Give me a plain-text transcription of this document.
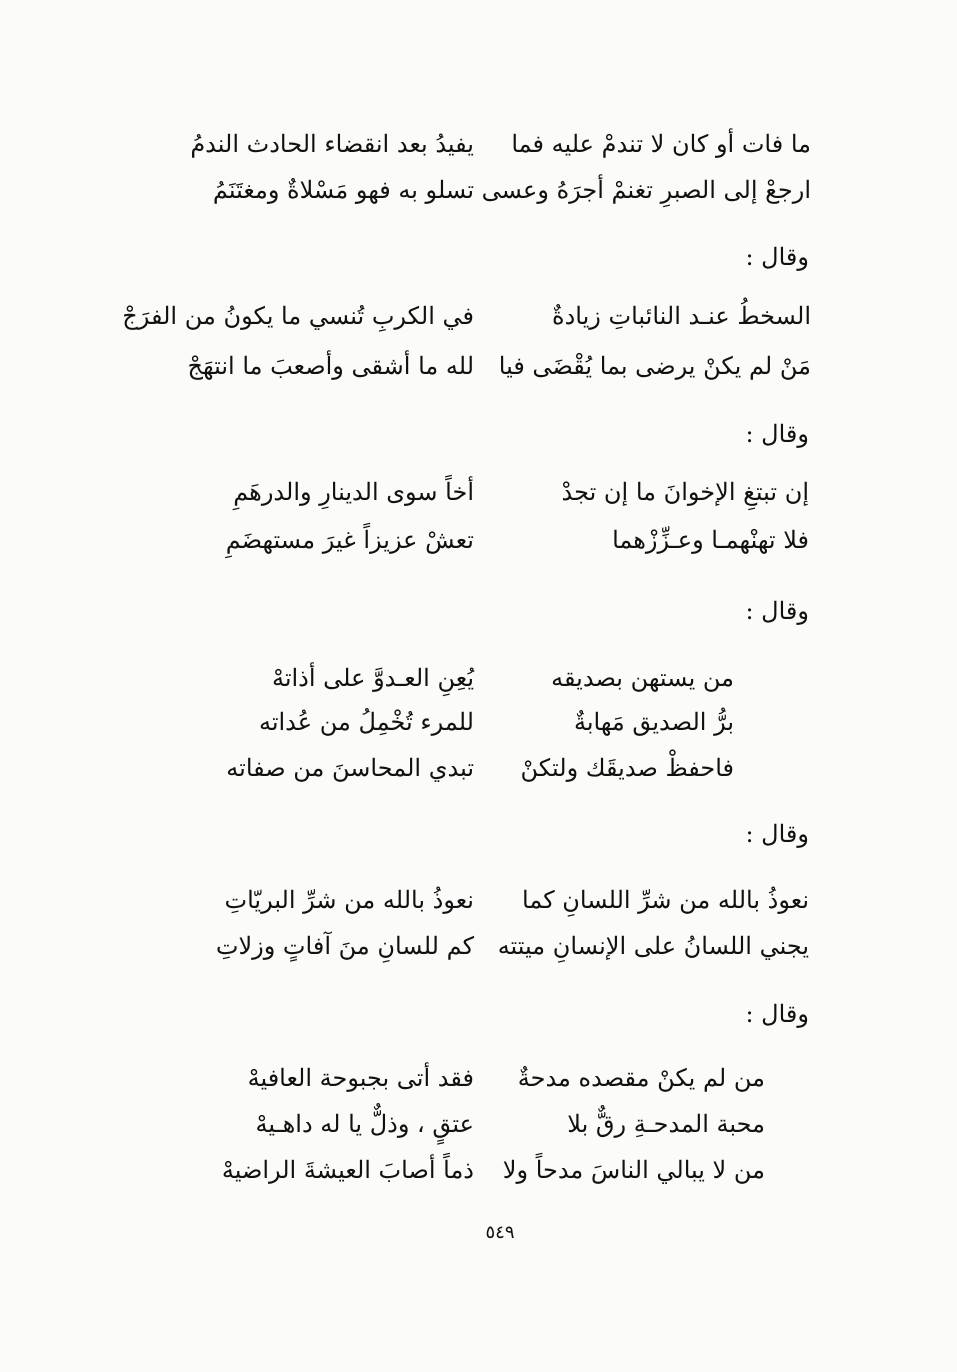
ما فات أو كان لا تندمْ عليه فما
يفيدُ بعد انقضاء الحادث الندمُ
ارجعْ إلى الصبرِ تغنمْ أجرَهُ وعسى
تسلو به فهو مَسْلاةٌ ومغتَنَمُ
وقال :
السخطُ عنـد النائباتِ زيادةٌ
في الكربِ تُنسي ما يكونُ من الفرَجْ
مَنْ لم يكنْ يرضى بما يُقْضَى فيا
لله ما أشقى وأصعبَ ما انتهَجْ
وقال :
إن تبتغِ الإخوانَ ما إن تجدْ
أخاً سوى الدينارِ والدرهَمِ
فلا تهنْهمـا وعـزِّزْهما
تعشْ عزيزاً غيرَ مستهضَمِ
وقال :
من يستهن بصديقه
يُعِنِ العـدوَّ على أذاتهْ
برُّ الصديق مَهابةٌ
للمرء تُخْمِلُ من عُداته
فاحفظْ صديقَك ولتكنْ
تبدي المحاسنَ من صفاته
وقال :
نعوذُ بالله من شرِّ اللسانِ كما
نعوذُ بالله من شرِّ البريّاتِ
يجني اللسانُ على الإنسانِ ميتته
كم للسانِ منَ آفاتٍ وزلاتِ
وقال :
من لم يكنْ مقصده مدحةٌ
فقد أتى بجبوحة العافيهْ
محبة المدحـةِ رقٌّ بلا
عتقٍ ، وذلٌّ يا له داهـيهْ
من لا يبالي الناسَ مدحاً ولا
ذماً أصابَ العيشةَ الراضيهْ
٥٤٩
